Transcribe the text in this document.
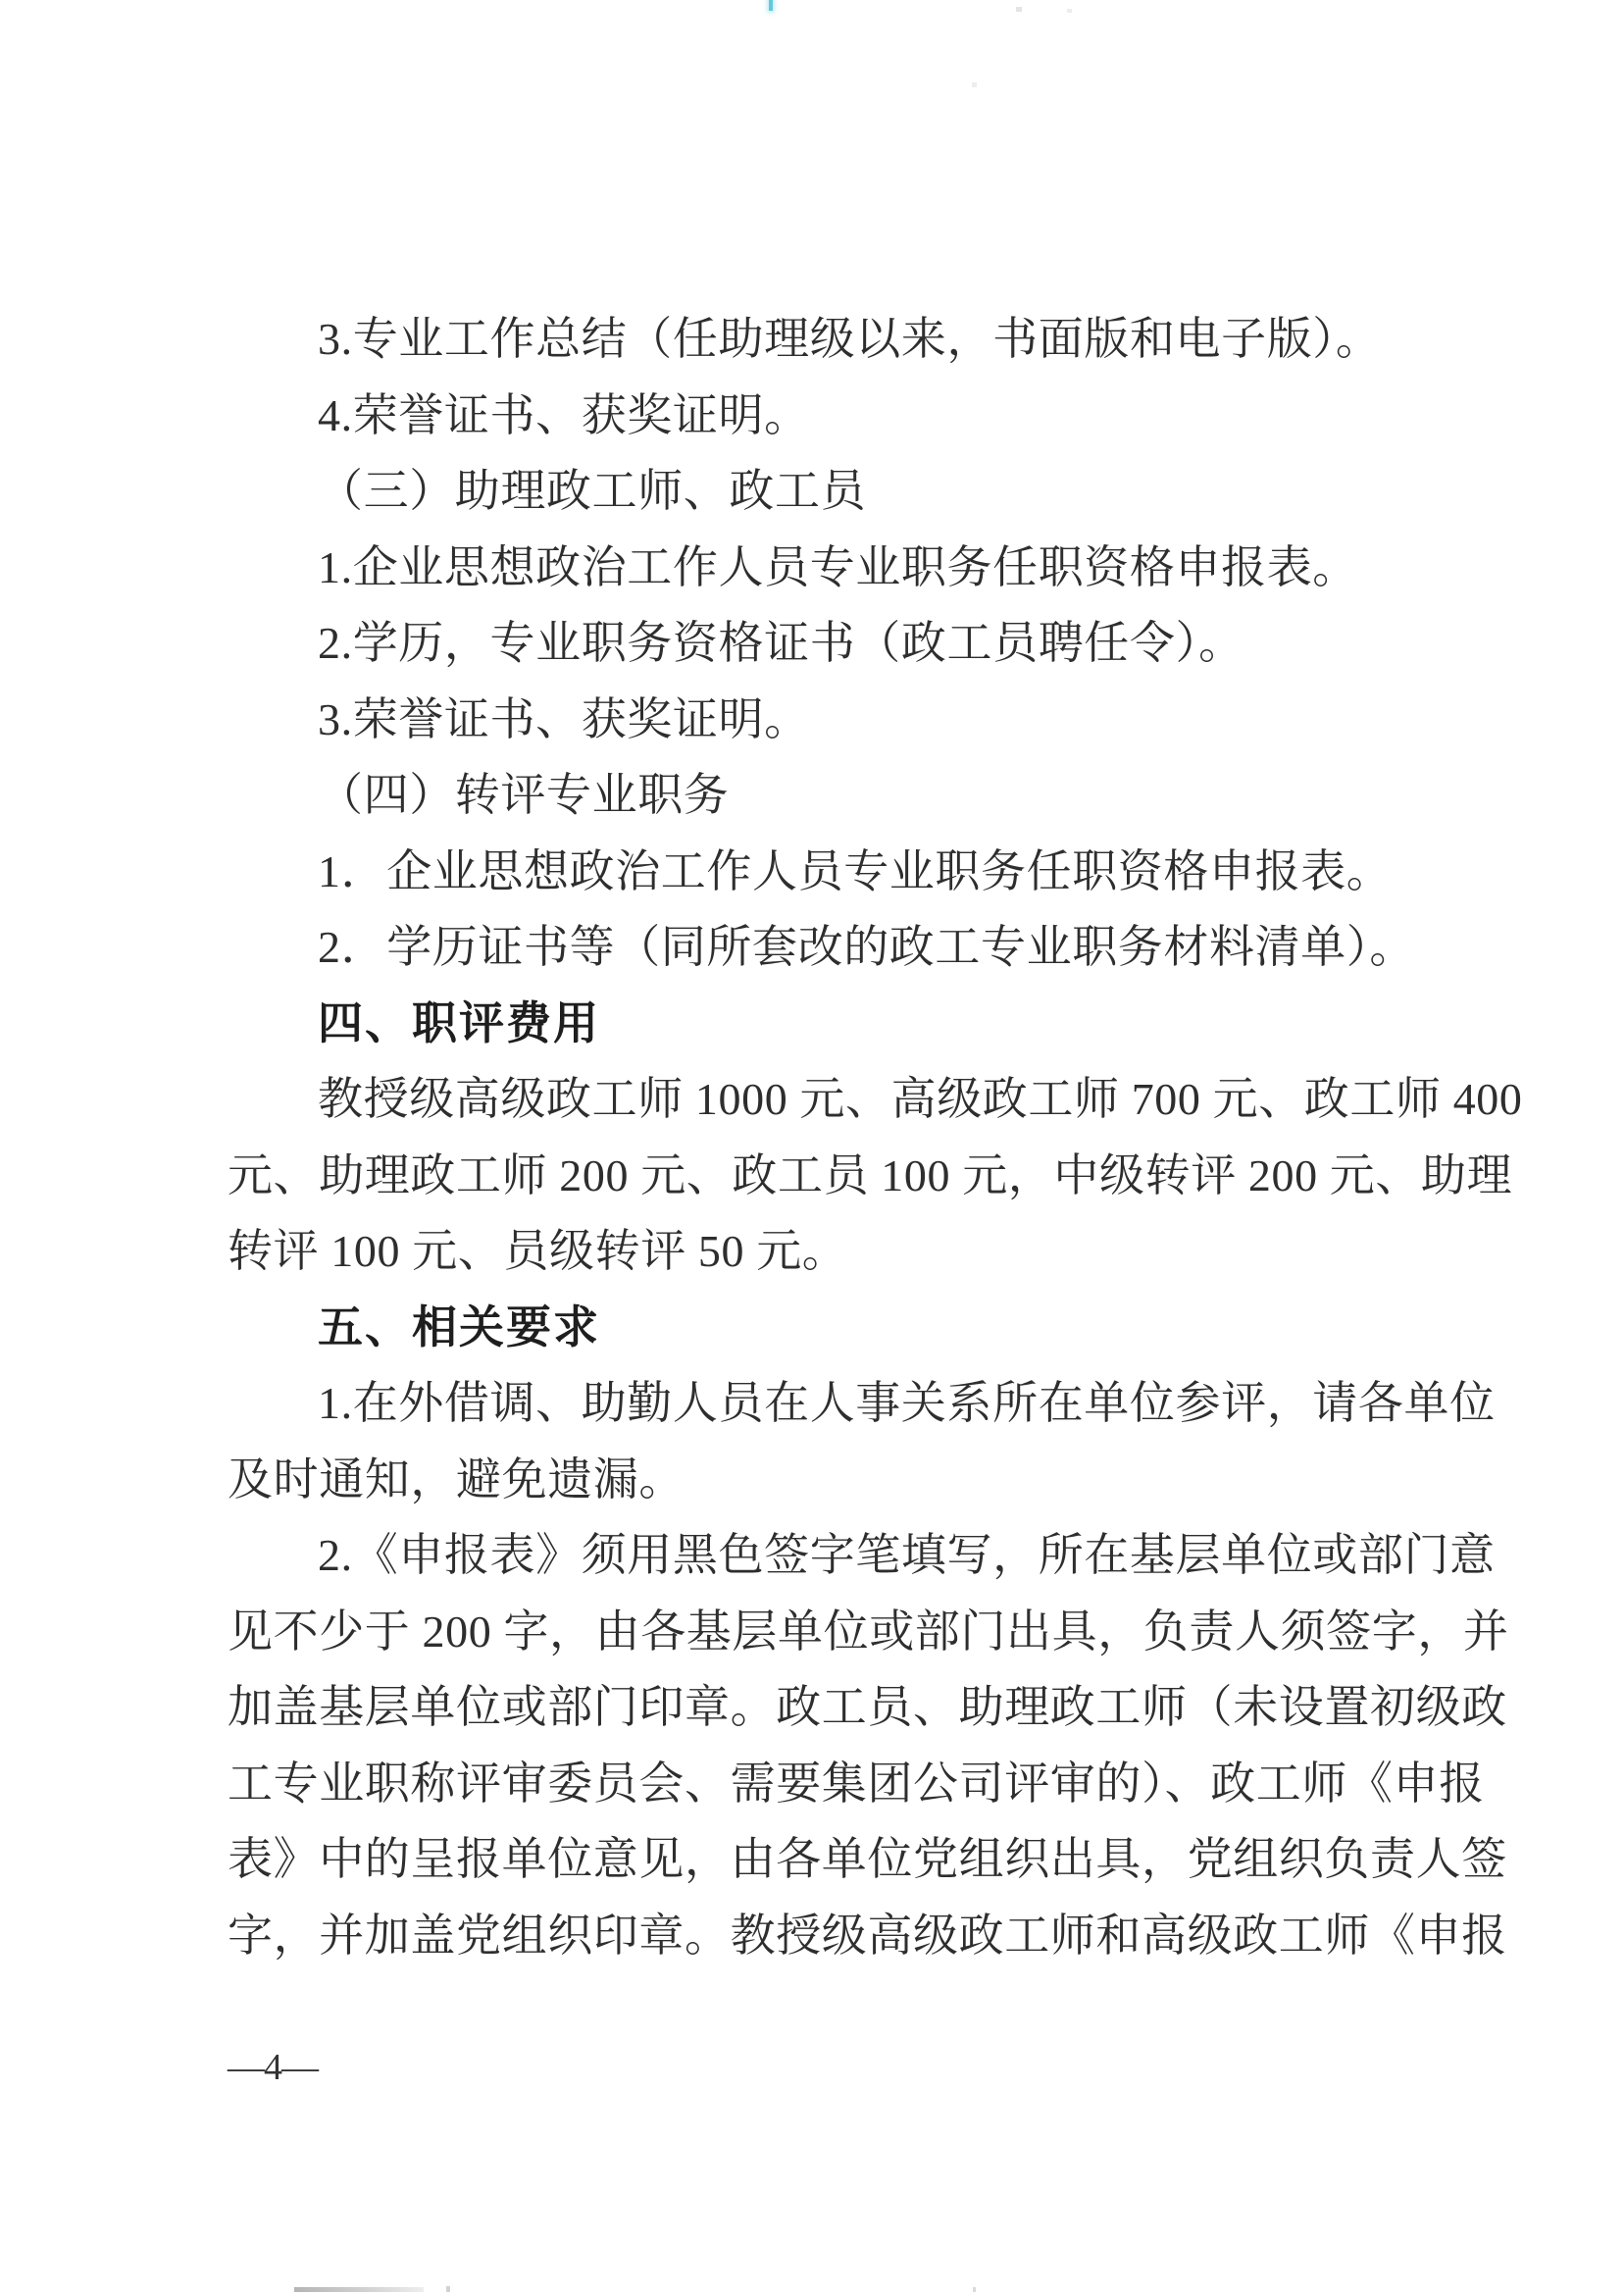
3.专业工作总结（任助理级以来，书面版和电子版）。
4.荣誉证书、获奖证明。
（三）助理政工师、政工员
1.企业思想政治工作人员专业职务任职资格申报表。
2.学历，专业职务资格证书（政工员聘任令）。
3.荣誉证书、获奖证明。
（四）转评专业职务
1．企业思想政治工作人员专业职务任职资格申报表。
2．学历证书等（同所套改的政工专业职务材料清单）。
四、职评费用
教授级高级政工师 1000 元、高级政工师 700 元、政工师 400
元、助理政工师 200 元、政工员 100 元，中级转评 200 元、助理
转评 100 元、员级转评 50 元。
五、相关要求
1.在外借调、助勤人员在人事关系所在单位参评，请各单位
及时通知，避免遗漏。
2.《申报表》须用黑色签字笔填写，所在基层单位或部门意
见不少于 200 字，由各基层单位或部门出具，负责人须签字，并
加盖基层单位或部门印章。政工员、助理政工师（未设置初级政
工专业职称评审委员会、需要集团公司评审的）、政工师《申报
表》中的呈报单位意见，由各单位党组织出具，党组织负责人签
字，并加盖党组织印章。教授级高级政工师和高级政工师《申报
—4—
